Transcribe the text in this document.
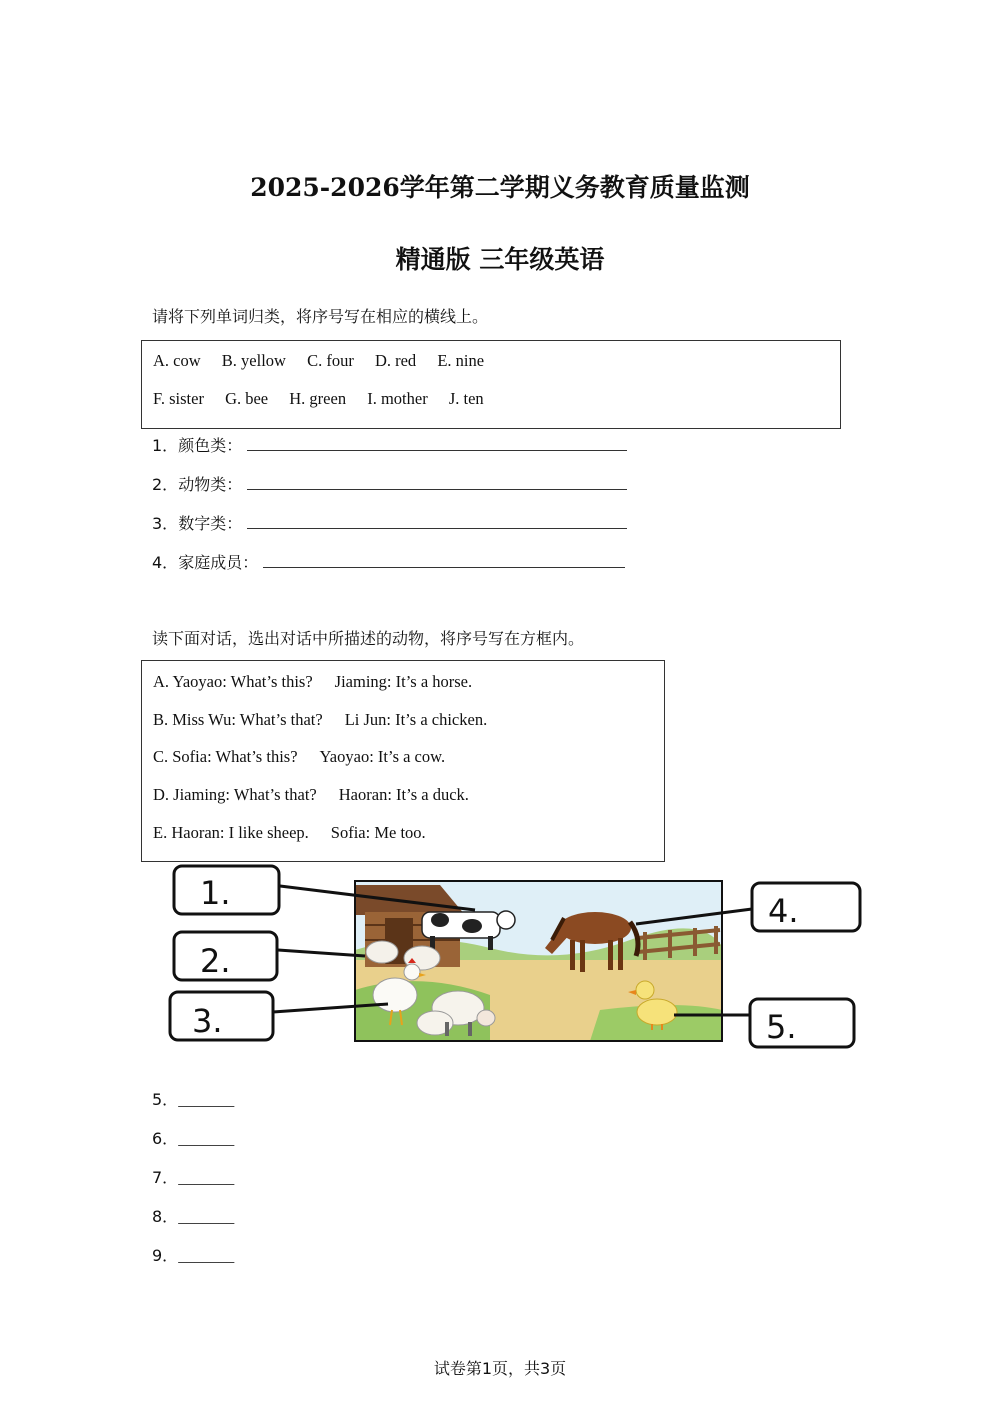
2025-2026学年第二学期义务教育质量监测
精通版 三年级英语
请将下列单词归类，将序号写在相应的横线上。
A. cow B. yellow C. four D. red E. nine
F. sister G. bee H. green I. mother J. ten
1．颜色类：
2．动物类：
3．数字类：
4．家庭成员：
读下面对话，选出对话中所描述的动物，将序号写在方框内。
A. Yaoyao: What’s this? Jiaming: It’s a horse.
B. Miss Wu: What’s that? Li Jun: It’s a chicken.
C. Sofia: What’s this? Yaoyao: It’s a cow.
D. Jiaming: What’s that? Haoran: It’s a duck.
E. Haoran: I like sheep. Sofia: Me too.
1.
2.
3.
4.
5.
5．_______
6．_______
7．_______
8．_______
9．_______
试卷第1页，共3页
